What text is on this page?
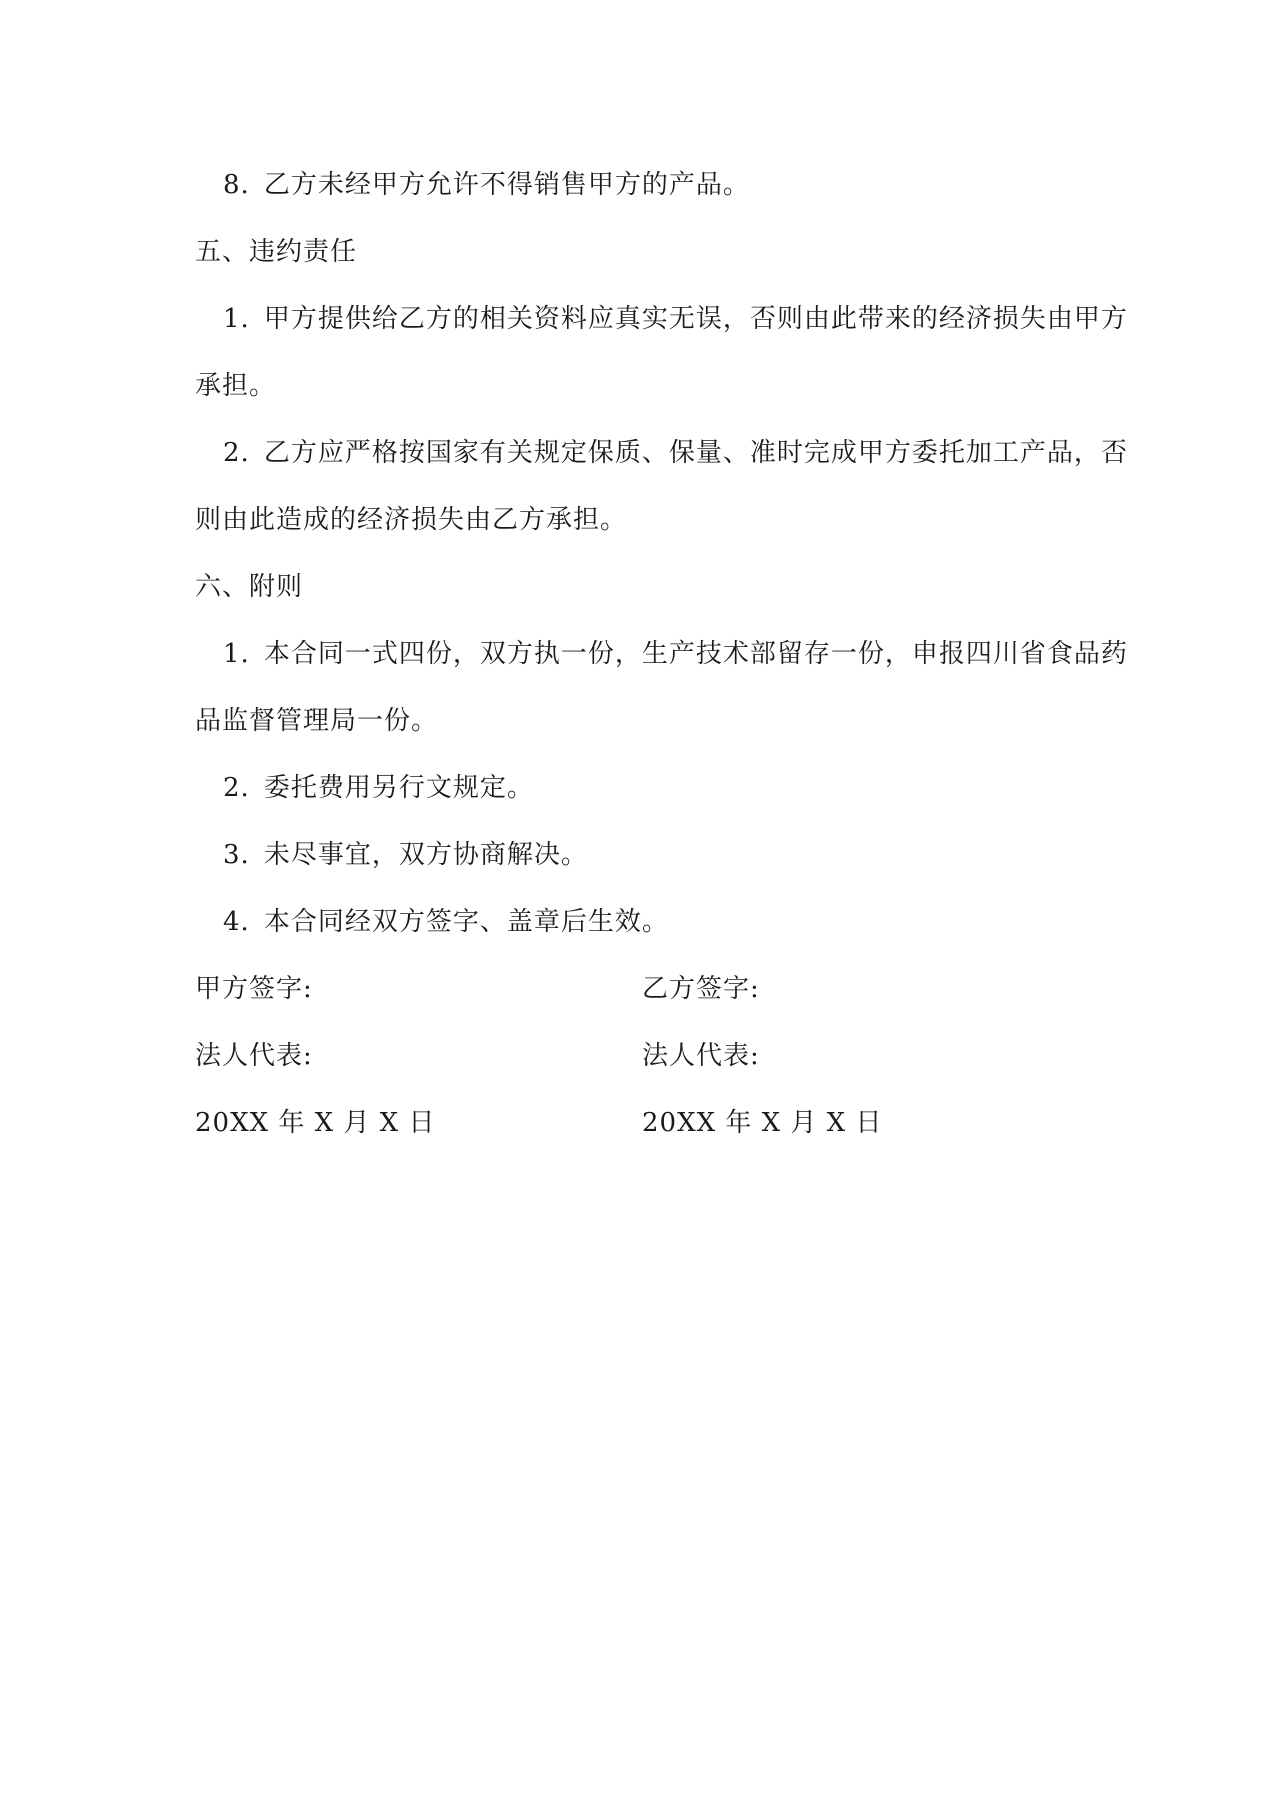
8. 乙方未经甲方允许不得销售甲方的产品。
五、违约责任
1. 甲方提供给乙方的相关资料应真实无误，否则由此带来的经济损失由甲方
承担。
2. 乙方应严格按国家有关规定保质、保量、准时完成甲方委托加工产品，否
则由此造成的经济损失由乙方承担。
六、附则
1. 本合同一式四份，双方执一份，生产技术部留存一份，申报四川省食品药
品监督管理局一份。
2. 委托费用另行文规定。
3. 未尽事宜，双方协商解决。
4. 本合同经双方签字、盖章后生效。
甲方签字:	乙方签字:
法人代表:	法人代表:
20XX 年 X 月 X 日	20XX 年 X 月 X 日
